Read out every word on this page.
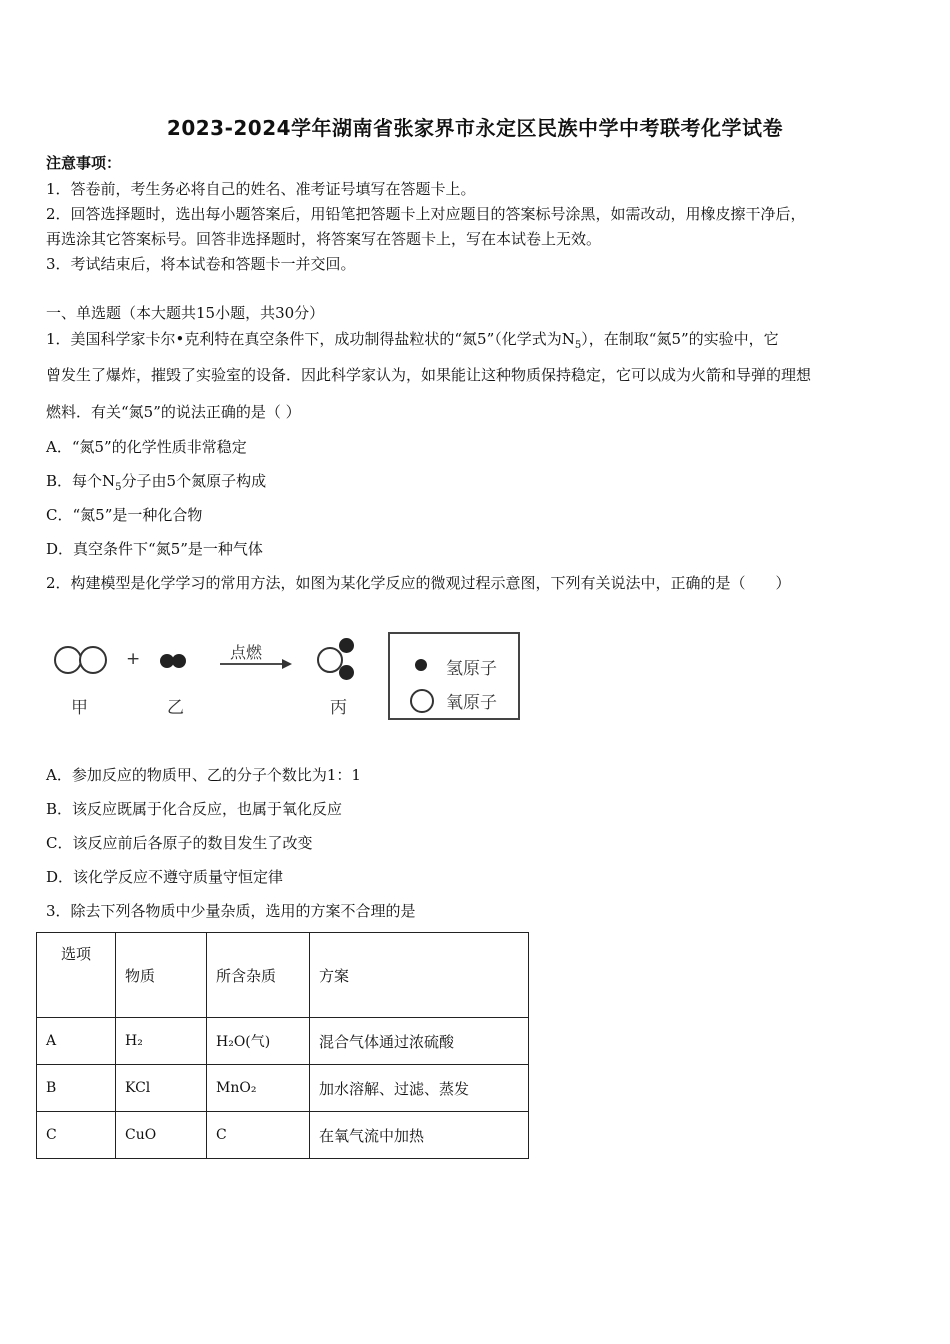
2023-2024学年湖南省张家界市永定区民族中学中考联考化学试卷
注意事项：
1．答卷前，考生务必将自己的姓名、准考证号填写在答题卡上。
2．回答选择题时，选出每小题答案后，用铅笔把答题卡上对应题目的答案标号涂黑，如需改动，用橡皮擦干净后，
再选涂其它答案标号。回答非选择题时，将答案写在答题卡上，写在本试卷上无效。
3．考试结束后，将本试卷和答题卡一并交回。
一、单选题（本大题共15小题，共30分）
1．美国科学家卡尔•克利特在真空条件下，成功制得盐粒状的“氮5”（化学式为$N_5$），在制取“氮5”的实验中，它
曾发生了爆炸，摧毁了实验室的设备．因此科学家认为，如果能让这种物质保持稳定，它可以成为火箭和导弹的理想
燃料．有关“氮5”的说法正确的是（ ）
A．“氮5”的化学性质非常稳定
B．每个$N_5$分子由5个氮原子构成
C．“氮5”是一种化合物
D．真空条件下“氮5”是一种气体
2．构建模型是化学学习的常用方法，如图为某化学反应的微观过程示意图，下列有关说法中，正确的是（　　）
甲
+
乙
点燃
丙
氢原子
氧原子
A．参加反应的物质甲、乙的分子个数比为1：1
B．该反应既属于化合反应，也属于氧化反应
C．该反应前后各原子的数目发生了改变
D．该化学反应不遵守质量守恒定律
3．除去下列各物质中少量杂质，选用的方案不合理的是
选项	物质	所含杂质	方案
A	H₂	H₂O(气)	混合气体通过浓硫酸
B	KCl	MnO₂	加水溶解、过滤、蒸发
C	CuO	C	在氧气流中加热
